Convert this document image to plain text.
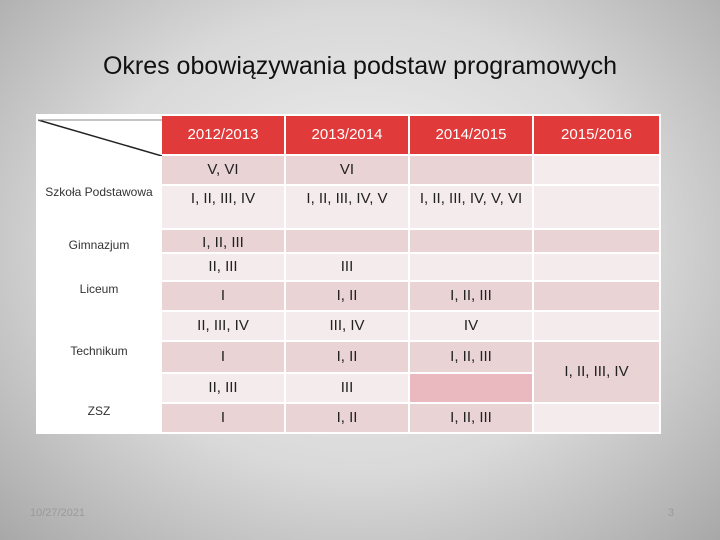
Okres obowiązywania podstaw programowych
	2012/2013	2013/2014	2014/2015	2015/2016
Szkoła Podstawowa	V, VI	VI		
	I, II, III, IV	I, II, III, IV, V	I, II, III, IV, V, VI	
Gimnazjum	I, II, III			
	II, III	III		
Liceum	I	I, II	I, II, III	
	II, III, IV	III, IV	IV	
Technikum	I	I, II	I, II, III	I, II, III, IV
	II, III	III		
ZSZ	I	I, II	I, II, III	
10/27/2021	3
